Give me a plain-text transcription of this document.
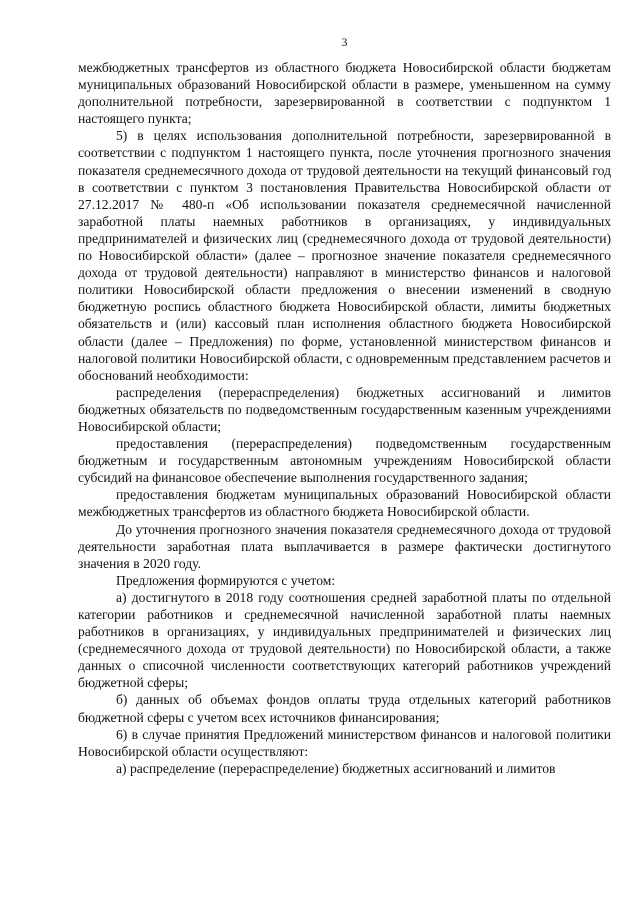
3

межбюджетных трансфертов из областного бюджета Новосибирской области бюджетам муниципальных образований Новосибирской области в размере, уменьшенном на сумму дополнительной потребности, зарезервированной в соответствии с подпунктом 1 настоящего пункта;

5) в целях использования дополнительной потребности, зарезервированной в соответствии с подпунктом 1 настоящего пункта, после уточнения прогнозного значения показателя среднемесячного дохода от трудовой деятельности на текущий финансовый год в соответствии с пунктом 3 постановления Правительства Новосибирской области от 27.12.2017 № 480-п «Об использовании показателя среднемесячной начисленной заработной платы наемных работников в организациях, у индивидуальных предпринимателей и физических лиц (среднемесячного дохода от трудовой деятельности) по Новосибирской области» (далее – прогнозное значение показателя среднемесячного дохода от трудовой деятельности) направляют в министерство финансов и налоговой политики Новосибирской области предложения о внесении изменений в сводную бюджетную роспись областного бюджета Новосибирской области, лимиты бюджетных обязательств и (или) кассовый план исполнения областного бюджета Новосибирской области (далее – Предложения) по форме, установленной министерством финансов и налоговой политики Новосибирской области, с одновременным представлением расчетов и обоснований необходимости:

распределения (перераспределения) бюджетных ассигнований и лимитов бюджетных обязательств по подведомственным государственным казенным учреждениями Новосибирской области;

предоставления (перераспределения) подведомственным государственным бюджетным и государственным автономным учреждениям Новосибирской области субсидий на финансовое обеспечение выполнения государственного задания;

предоставления бюджетам муниципальных образований Новосибирской области межбюджетных трансфертов из областного бюджета Новосибирской области.

До уточнения прогнозного значения показателя среднемесячного дохода от трудовой деятельности заработная плата выплачивается в размере фактически достигнутого значения в 2020 году.

Предложения формируются с учетом:

а) достигнутого в 2018 году соотношения средней заработной платы по отдельной категории работников и среднемесячной начисленной заработной платы наемных работников в организациях, у индивидуальных предпринимателей и физических лиц (среднемесячного дохода от трудовой деятельности) по Новосибирской области, а также данных о списочной численности соответствующих категорий работников учреждений бюджетной сферы;

б) данных об объемах фондов оплаты труда отдельных категорий работников бюджетной сферы с учетом всех источников финансирования;

6) в случае принятия Предложений министерством финансов и налоговой политики Новосибирской области осуществляют:

а) распределение (перераспределение) бюджетных ассигнований и лимитов
